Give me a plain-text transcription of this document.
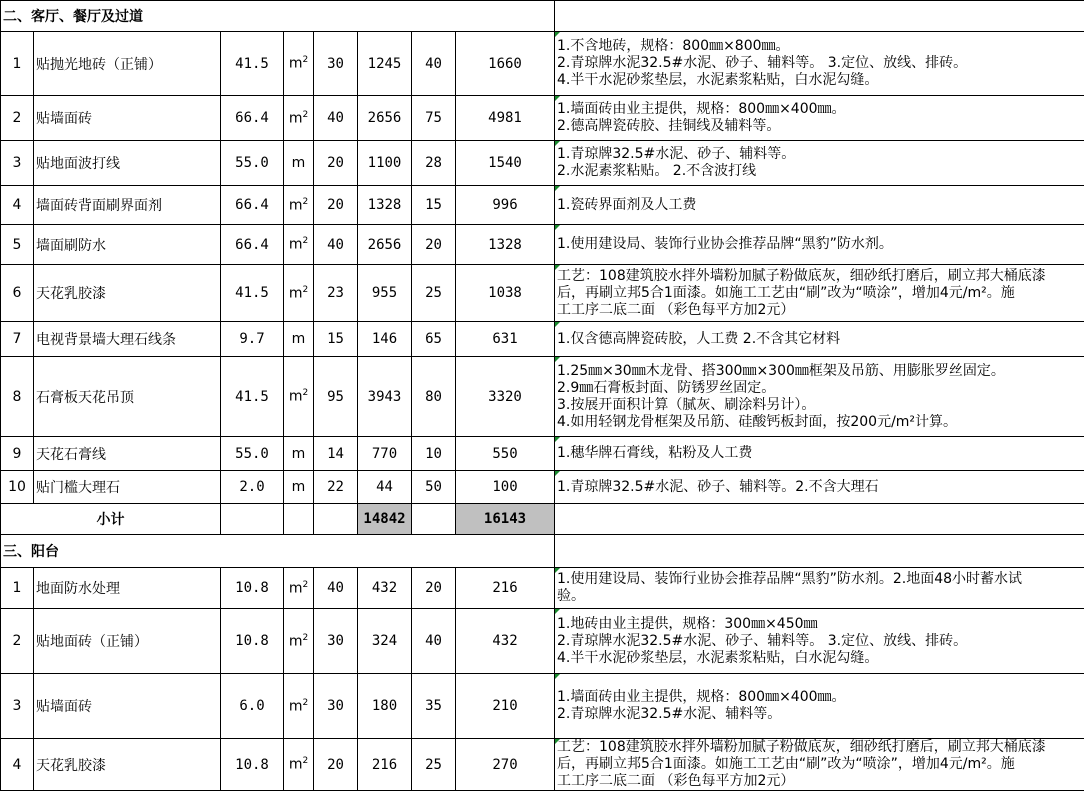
二、客厅、餐厅及过道								
1	贴抛光地砖（正铺）	41.5	$m^2$	30	1245	40	1660	1.不含地砖，规格：800㎜×800㎜。
2.青琼牌水泥32.5#水泥、砂子、辅料等。 3.定位、放线、排砖。
4.半干水泥砂浆垫层，水泥素浆粘贴，白水泥勾缝。

2	贴墙面砖	66.4	$m^2$	40	2656	75	4981	1.墙面砖由业主提供，规格：800㎜×400㎜。
2.德高牌瓷砖胶、挂铜线及辅料等。

3	贴地面波打线	55.0	m	20	1100	28	1540	1.青琼牌32.5#水泥、砂子、辅料等。
2.水泥素浆粘贴。 2.不含波打线

4	墙面砖背面刷界面剂	66.4	$m^2$	20	1328	15	996	1.瓷砖界面剂及人工费

5	墙面刷防水	66.4	$m^2$	40	2656	20	1328	1.使用建设局、装饰行业协会推荐品牌“黑豹”防水剂。

6	天花乳胶漆	41.5	$m^2$	23	955	25	1038	工艺：108建筑胶水拌外墙粉加腻子粉做底灰，细砂纸打磨后，刷立邦大桶底漆
后，再刷立邦5合1面漆。如施工工艺由“刷”改为“喷涂”，增加4元/m²。施
工工序二底二面 （彩色每平方加2元）

7	电视背景墙大理石线条	9.7	m	15	146	65	631	1.仅含德高牌瓷砖胶，人工费 2.不含其它材料

8	石膏板天花吊顶	41.5	$m^2$	95	3943	80	3320	1.25㎜×30㎜木龙骨、搭300㎜×300㎜框架及吊筋、用膨胀罗丝固定。
2.9㎜石膏板封面、防锈罗丝固定。
3.按展开面积计算（腻灰、刷涂料另计）。
4.如用轻钢龙骨框架及吊筋、硅酸钙板封面，按200元/m²计算。

9	天花石膏线	55.0	m	14	770	10	550	1.穗华牌石膏线，粘粉及人工费

10	贴门槛大理石	2.0	m	22	44	50	100	1.青琼牌32.5#水泥、砂子、辅料等。2.不含大理石

小计					14842		16143	
三、阳台								
1	地面防水处理	10.8	$m^2$	40	432	20	216	1.使用建设局、装饰行业协会推荐品牌“黑豹”防水剂。2.地面48小时蓄水试
验。

2	贴地面砖（正铺）	10.8	$m^2$	30	324	40	432	1.地砖由业主提供，规格：300㎜×450㎜
2.青琼牌水泥32.5#水泥、砂子、辅料等。 3.定位、放线、排砖。
4.半干水泥砂浆垫层，水泥素浆粘贴，白水泥勾缝。

3	贴墙面砖	6.0	$m^2$	30	180	35	210	1.墙面砖由业主提供，规格：800㎜×400㎜。
2.青琼牌水泥32.5#水泥、辅料等。

4	天花乳胶漆	10.8	$m^2$	20	216	25	270	工艺：108建筑胶水拌外墙粉加腻子粉做底灰，细砂纸打磨后，刷立邦大桶底漆
后，再刷立邦5合1面漆。如施工工艺由“刷”改为“喷涂”，增加4元/m²。施
工工序二底二面 （彩色每平方加2元）
